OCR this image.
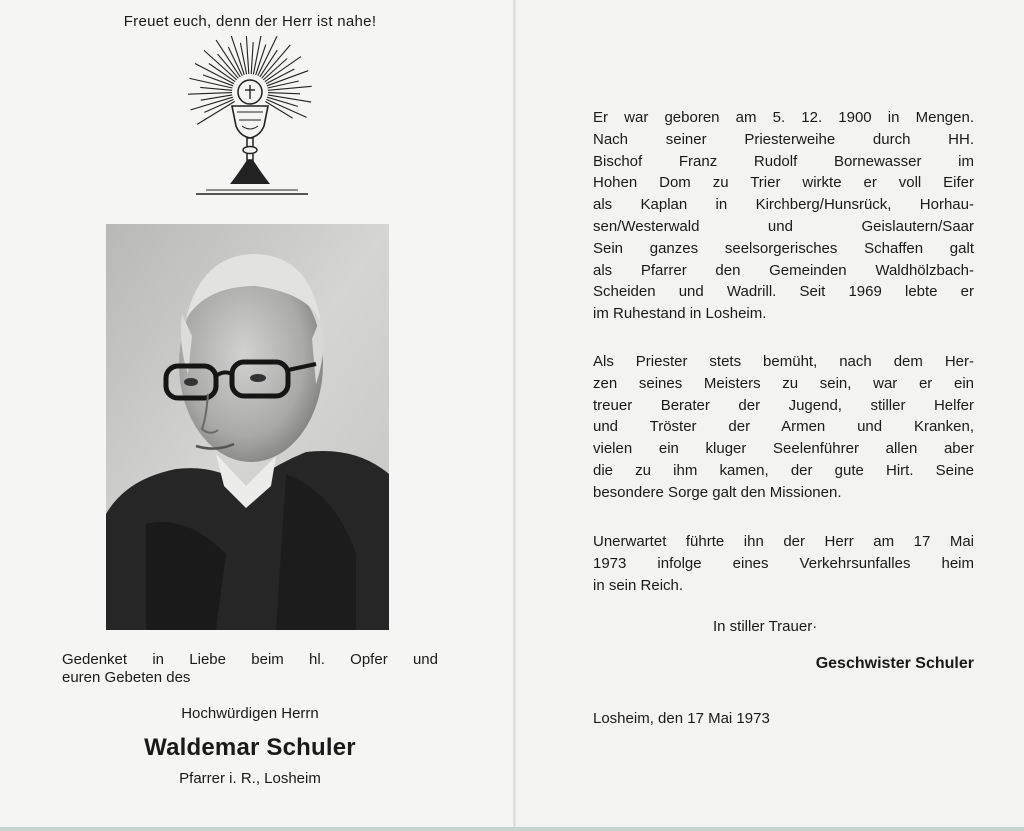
Freuet euch, denn der Herr ist nahe!
Gedenket in Liebe beim hl. Opfer und
euren Gebeten des
Hochwürdigen Herrn
Waldemar Schuler
Pfarrer i. R., Losheim
Er war geboren am 5. 12. 1900 in Mengen.
Nach seiner Priesterweihe durch HH.
Bischof Franz Rudolf Bornewasser im
Hohen Dom zu Trier wirkte er voll Eifer
als Kaplan in Kirchberg/Hunsrück, Horhau-
sen/Westerwald und Geislautern/Saar
Sein ganzes seelsorgerisches Schaffen galt
als Pfarrer den Gemeinden Waldhölzbach-
Scheiden und Wadrill. Seit 1969 lebte er
im Ruhestand in Losheim.
Als Priester stets bemüht, nach dem Her-
zen seines Meisters zu sein, war er ein
treuer Berater der Jugend, stiller Helfer
und Tröster der Armen und Kranken,
vielen ein kluger Seelenführer allen aber
die zu ihm kamen, der gute Hirt. Seine
besondere Sorge galt den Missionen.
Unerwartet führte ihn der Herr am 17 Mai
1973 infolge eines Verkehrsunfalles heim
in sein Reich.
In stiller Trauer·
Geschwister Schuler
Losheim, den 17 Mai 1973
